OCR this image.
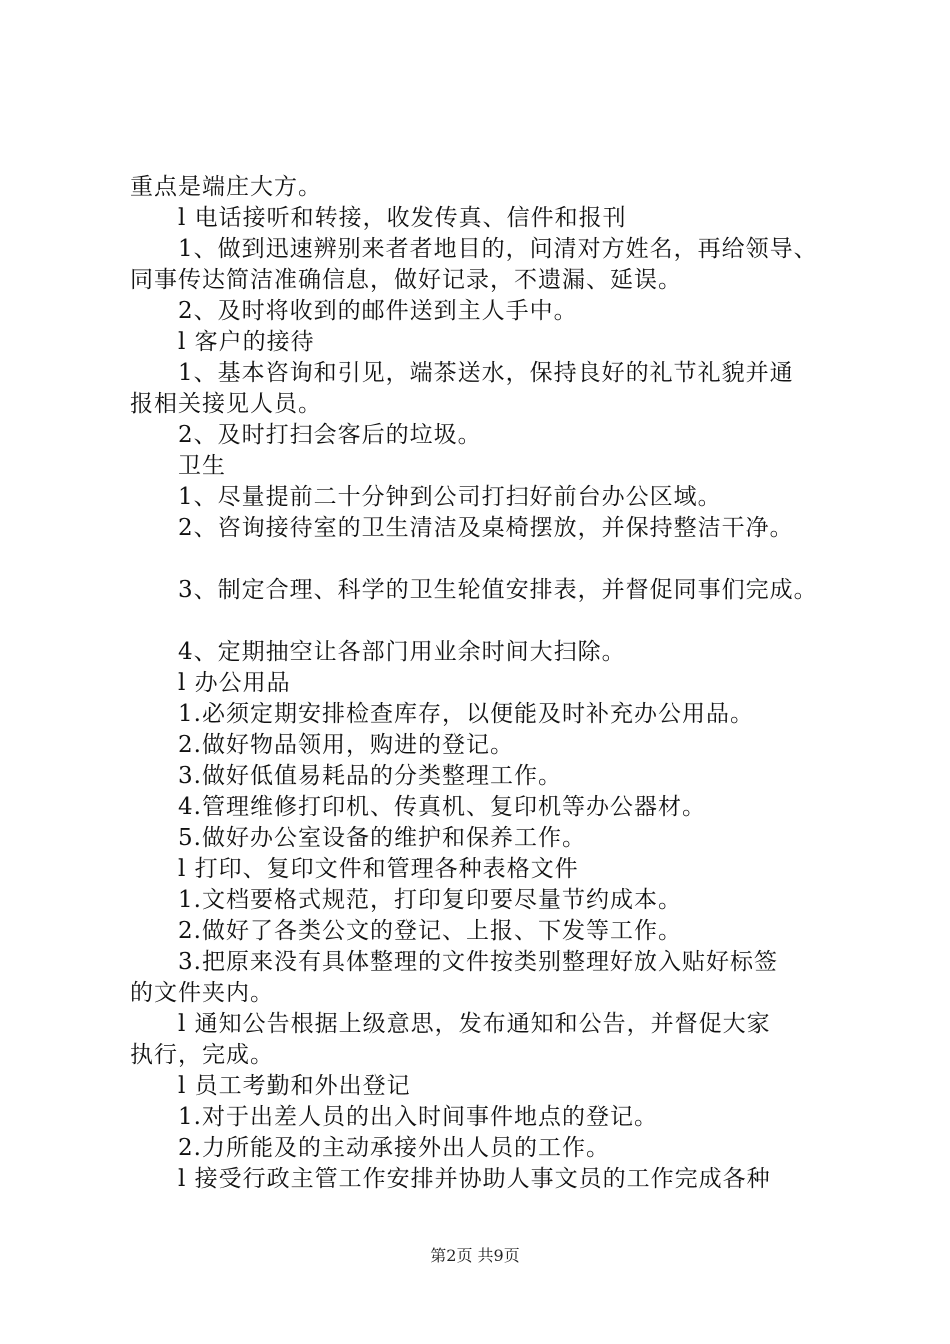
重点是端庄大方。
l 电话接听和转接，收发传真、信件和报刊
1、做到迅速辨别来者者地目的，问清对方姓名，再给领导、
同事传达简洁准确信息，做好记录，不遗漏、延误。
2、及时将收到的邮件送到主人手中。
l 客户的接待
1、基本咨询和引见，端茶送水，保持良好的礼节礼貌并通
报相关接见人员。
2、及时打扫会客后的垃圾。
卫生
1、尽量提前二十分钟到公司打扫好前台办公区域。
2、咨询接待室的卫生清洁及桌椅摆放，并保持整洁干净。
3、制定合理、科学的卫生轮值安排表，并督促同事们完成。
4、定期抽空让各部门用业余时间大扫除。
l 办公用品
1.必须定期安排检查库存，以便能及时补充办公用品。
2.做好物品领用，购进的登记。
3.做好低值易耗品的分类整理工作。
4.管理维修打印机、传真机、复印机等办公器材。
5.做好办公室设备的维护和保养工作。
l 打印、复印文件和管理各种表格文件
1.文档要格式规范，打印复印要尽量节约成本。
2.做好了各类公文的登记、上报、下发等工作。
3.把原来没有具体整理的文件按类别整理好放入贴好标签
的文件夹内。
l 通知公告根据上级意思，发布通知和公告，并督促大家
执行，完成。
l 员工考勤和外出登记
1.对于出差人员的出入时间事件地点的登记。
2.力所能及的主动承接外出人员的工作。
l 接受行政主管工作安排并协助人事文员的工作完成各种
第2页 共9页
